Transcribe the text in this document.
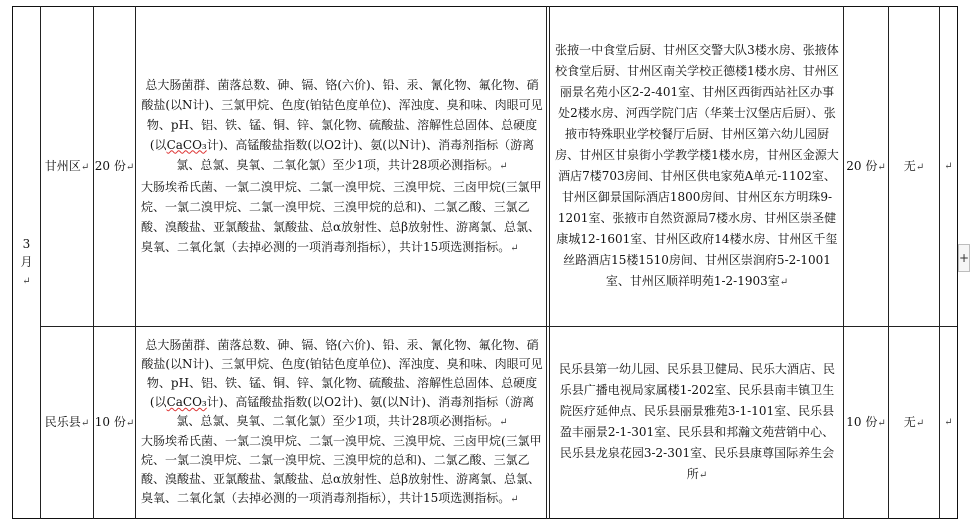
3月↵
甘州区↵ 20 份↵
总大肠菌群、菌落总数、砷、镉、铬(六价)、铅、汞、氰化物、氟化物、硝酸盐(以N计)、三氯甲烷、色度(铂钴色度单位)、浑浊度、臭和味、肉眼可见物、pH、铝、铁、锰、铜、锌、氯化物、硫酸盐、溶解性总固体、总硬度(以CaCO₃计)、高锰酸盐指数(以O2计)、氨(以N计)、消毒剂指标（游离氯、总氯、臭氧、二氧化氯）至少1项，共计28项必测指标。↵
大肠埃希氏菌、一氯二溴甲烷、二氯一溴甲烷、三溴甲烷、三卤甲烷(三氯甲烷、一氯二溴甲烷、二氯一溴甲烷、三溴甲烷的总和)、二氯乙酸、三氯乙酸、溴酸盐、亚氯酸盐、氯酸盐、总α放射性、总β放射性、游离氯、总氯、臭氧、二氧化氯（去掉必测的一项消毒剂指标），共计15项选测指标。↵
张掖一中食堂后厨、甘州区交警大队3楼水房、张掖体校食堂后厨、甘州区南关学校正德楼1楼水房、甘州区丽景名苑小区2-2-401室、甘州区西街西站社区办事处2楼水房、河西学院门店（华莱士汉堡店后厨）、张掖市特殊职业学校餐厅后厨、甘州区第六幼儿园厨房、甘州区甘泉街小学教学楼1楼水房，甘州区金源大酒店7楼703房间、甘州区供电家苑A单元-1102室、甘州区御景国际酒店1800房间、甘州区东方明珠9-1201室、张掖市自然资源局7楼水房、甘州区崇圣健康城12-1601室、甘州区政府14楼水房、甘州区千玺丝路酒店15楼1510房间、甘州区崇润府5-2-1001室、甘州区顺祥明苑1-2-1903室↵
20 份↵ 无↵ ↵
民乐县↵ 10 份↵
总大肠菌群、菌落总数、砷、镉、铬(六价)、铅、汞、氰化物、氟化物、硝酸盐(以N计)、三氯甲烷、色度(铂钴色度单位)、浑浊度、臭和味、肉眼可见物、pH、铝、铁、锰、铜、锌、氯化物、硫酸盐、溶解性总固体、总硬度(以CaCO₃计)、高锰酸盐指数(以O2计)、氨(以N计)、消毒剂指标（游离氯、总氯、臭氧、二氧化氯）至少1项，共计28项必测指标。↵
大肠埃希氏菌、一氯二溴甲烷、二氯一溴甲烷、三溴甲烷、三卤甲烷(三氯甲烷、一氯二溴甲烷、二氯一溴甲烷、三溴甲烷的总和)、二氯乙酸、三氯乙酸、溴酸盐、亚氯酸盐、氯酸盐、总α放射性、总β放射性、游离氯、总氯、臭氧、二氧化氯（去掉必测的一项消毒剂指标），共计15项选测指标。↵
民乐县第一幼儿园、民乐县卫健局、民乐大酒店、民乐县广播电视局家属楼1-202室、民乐县南丰镇卫生院医疗延伸点、民乐县丽景雅苑3-1-101室、民乐县盈丰丽景2-1-301室、民乐县和邦瀚文苑营销中心、民乐县龙泉花园3-2-301室、民乐县康尊国际养生会所↵
10 份↵ 无↵ ↵
+
